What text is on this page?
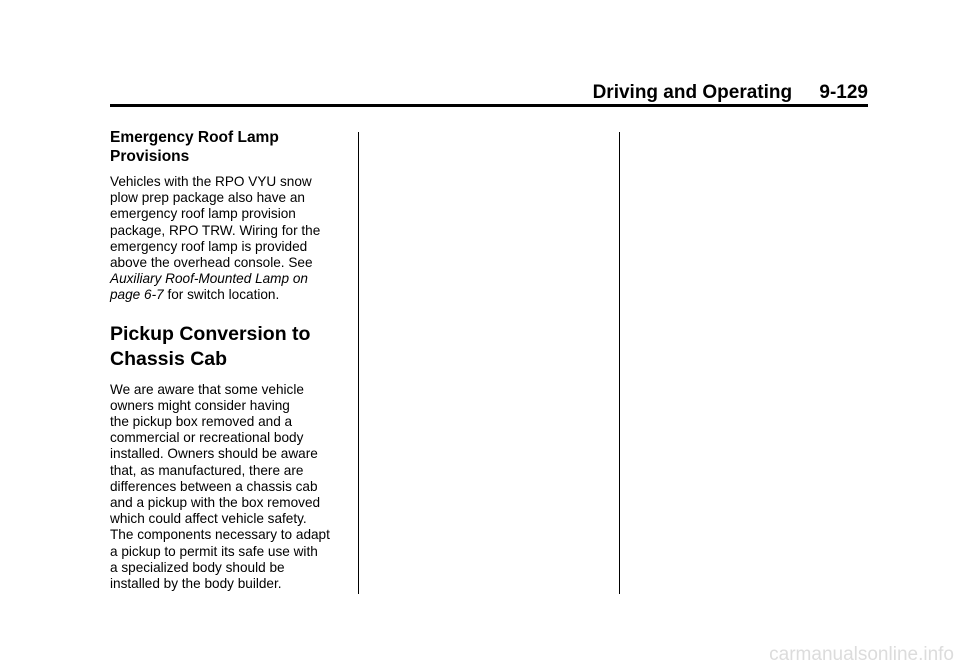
Driving and Operating 9-129
Emergency Roof Lamp
Provisions

Vehicles with the RPO VYU snow
plow prep package also have an
emergency roof lamp provision
package, RPO TRW. Wiring for the
emergency roof lamp is provided
above the overhead console. See
Auxiliary Roof-Mounted Lamp on
page 6-7 for switch location.

Pickup Conversion to
Chassis Cab

We are aware that some vehicle
owners might consider having
the pickup box removed and a
commercial or recreational body
installed. Owners should be aware
that, as manufactured, there are
differences between a chassis cab
and a pickup with the box removed
which could affect vehicle safety.
The components necessary to adapt
a pickup to permit its safe use with
a specialized body should be
installed by the body builder.

carmanualsonline.info
